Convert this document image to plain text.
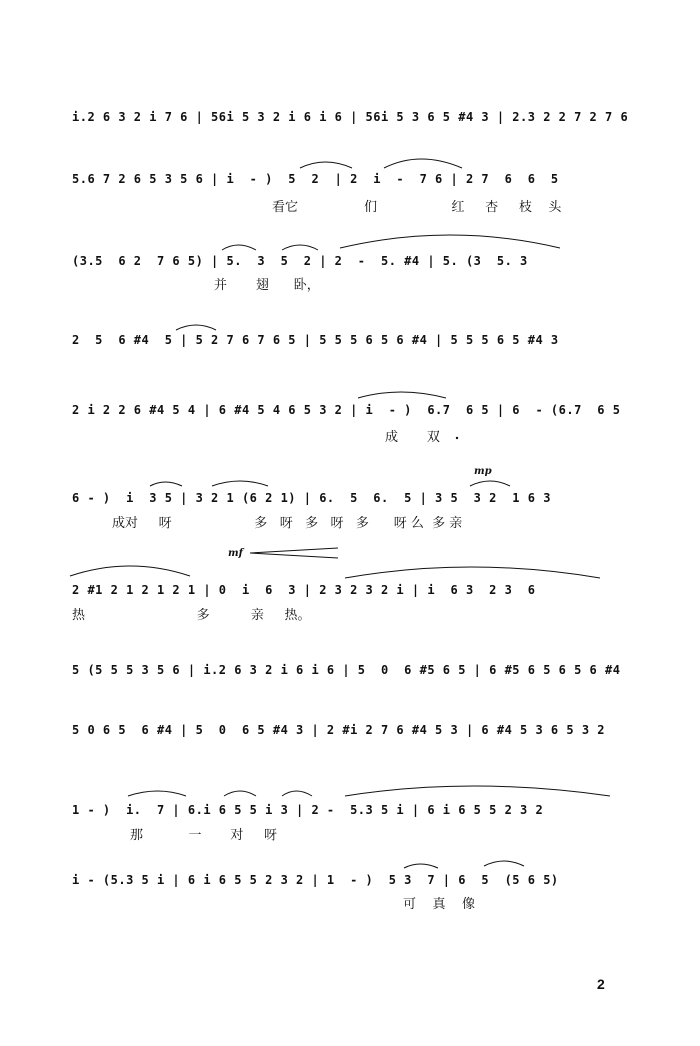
i.2 6 3 2 i 7 6 | 56i 5 3 2 i 6 i 6 | 56i 5 3 6 5 #4 3 | 2.3 2 2 7 2 7 6
5.6 7 2 6 5 3 5 6 | i  - )  5  2  | 2  i  -  7 6 | 2 7  6  6  5
看它                们                  红     杏     枝    头
(3.5  6 2  7 6 5) | 5.  3  5  2 | 2  -  5. #4 | 5. (3  5. 3
并       翅      卧，
2  5  6 #4  5 | 5 2 7 6 7 6 5 | 5 5 5 6 5 6 #4 | 5 5 5 6 5 #4 3
2 i 2 2 6 #4 5 4 | 6 #4 5 4 6 5 3 2 | i  - )  6.7  6 5 | 6  - (6.7  6 5
成       双
mp
6 - )  i  3 5 | 3 2 1 (6 2 1) | 6.  5  6.  5 | 3 5  3 2  1 6 3
成对     呀                    多   呀   多   呀   多      呀 么  多 亲
mf
2 #1 2 1 2 1 2 1 | 0  i  6  3 | 2 3 2 3 2 i | i  6 3  2 3  6
热                           多          亲     热。
5 (5 5 5 3 5 6 | i.2 6 3 2 i 6 i 6 | 5  0  6 #5 6 5 | 6 #5 6 5 6 5 6 #4
5 0 6 5  6 #4 | 5  0  6 5 #4 3 | 2 #i 2 7 6 #4 5 3 | 6 #4 5 3 6 5 3 2
1 - )  i.  7 | 6.i 6 5 5 i 3 | 2 -  5.3 5 i | 6 i 6 5 5 2 3 2
那           一       对     呀
i - (5.3 5 i | 6 i 6 5 5 2 3 2 | 1  - )  5 3  7 | 6  5  (5 6 5)
可    真    像
2
